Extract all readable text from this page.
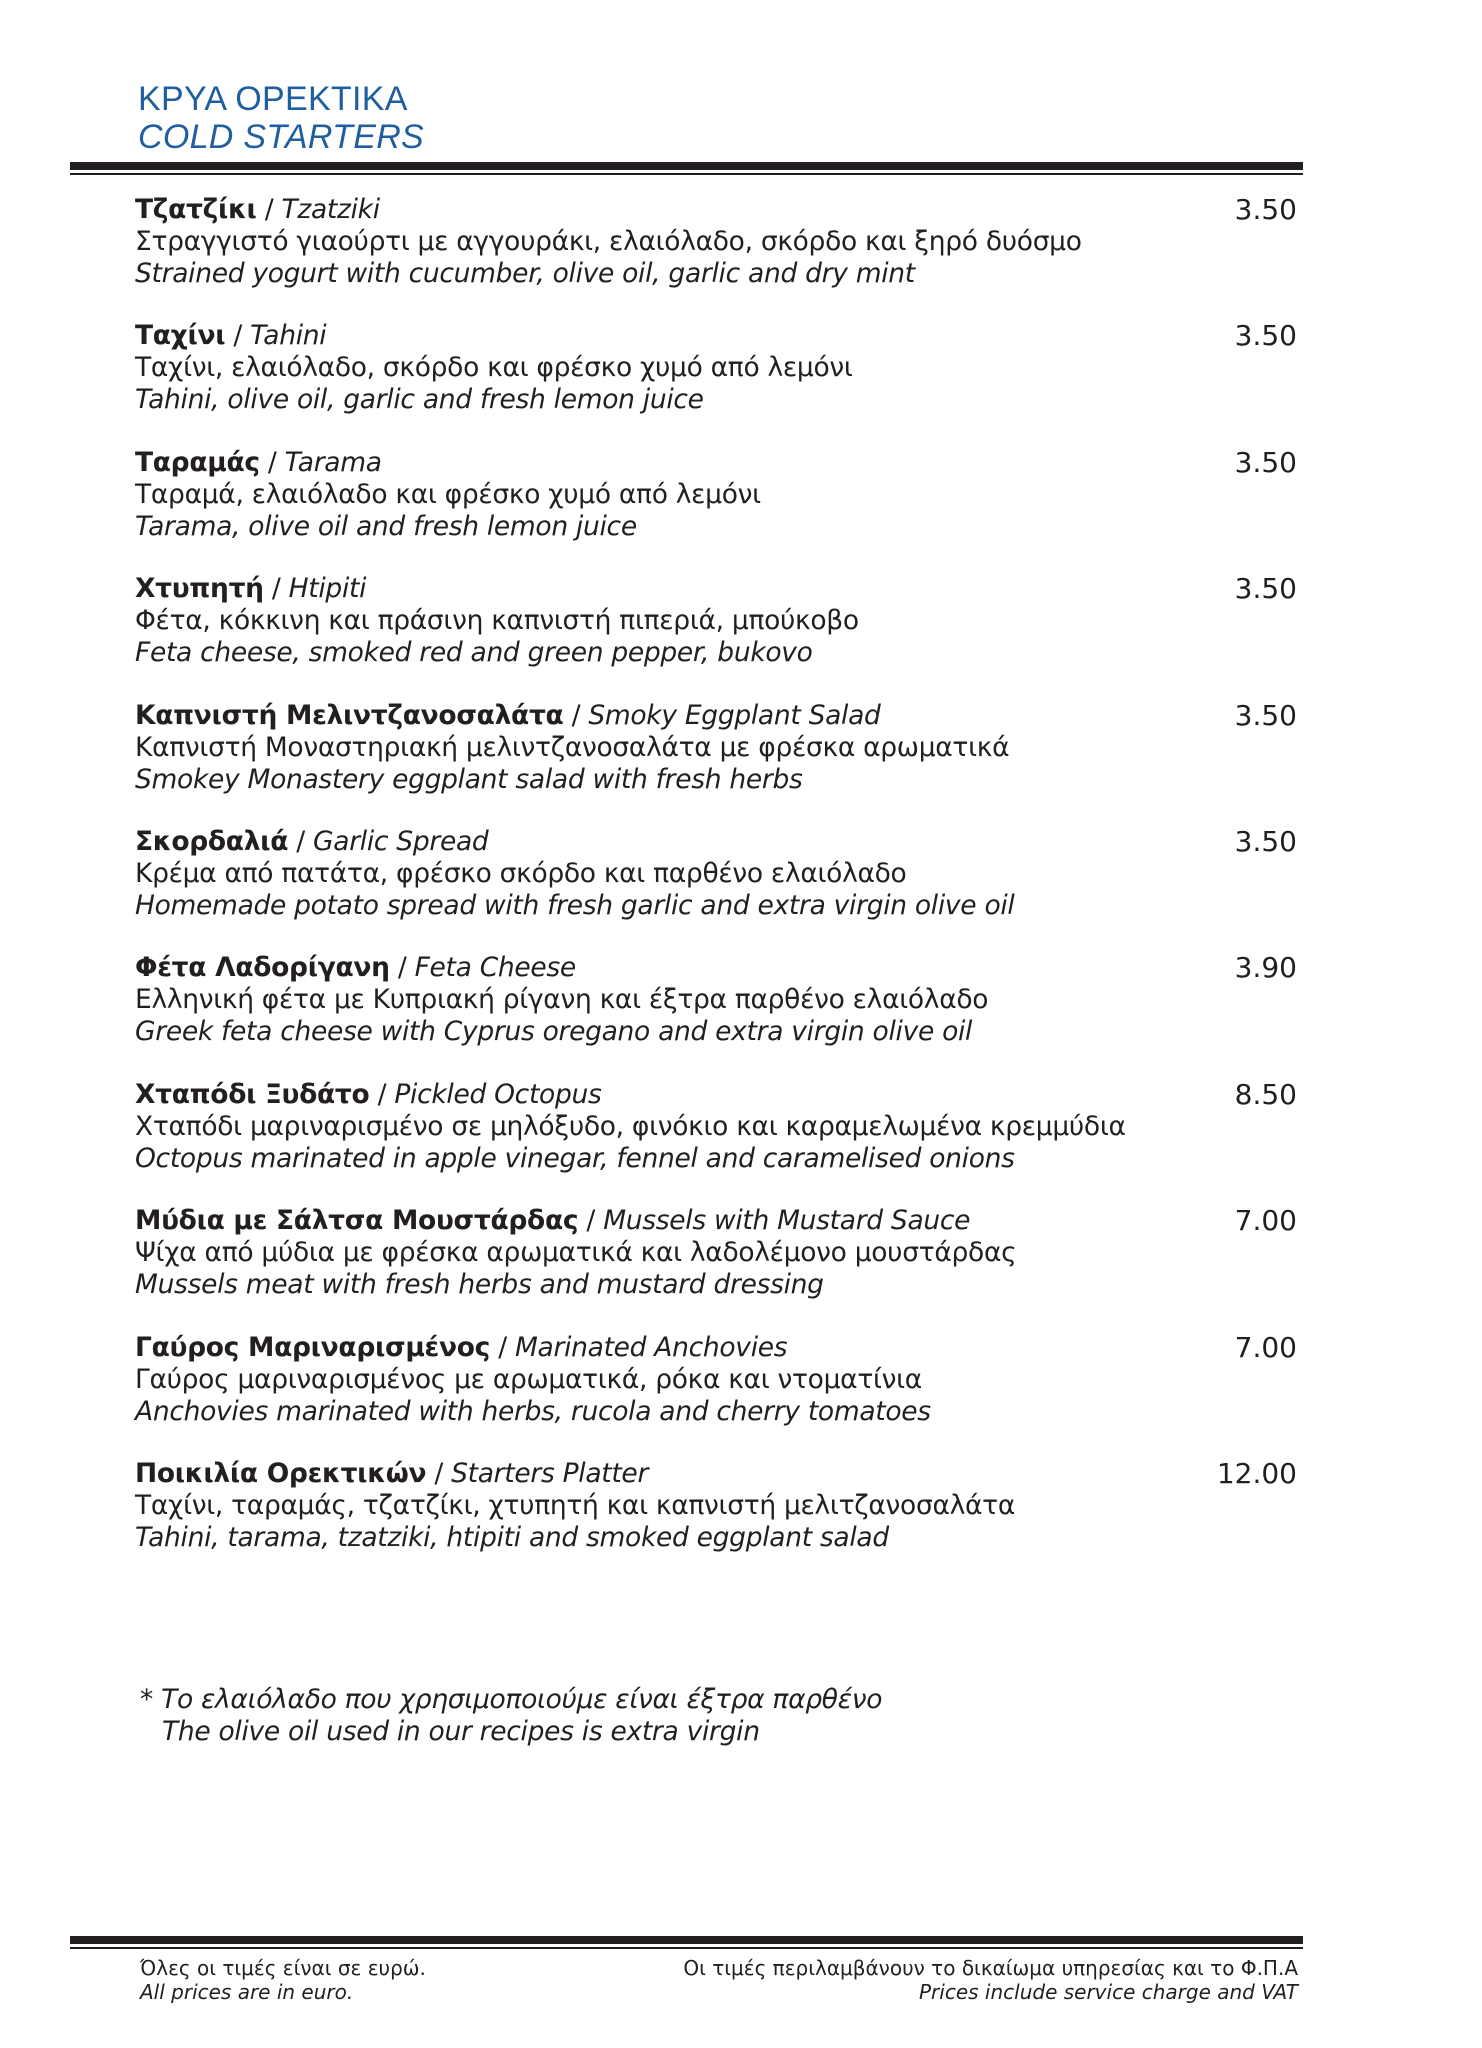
ΚΡΥΑ ΟΡΕΚΤΙΚΑ
COLD STARTERS
Τζατζίκι / Tzatziki	3.50
Στραγγιστό γιαούρτι με αγγουράκι, ελαιόλαδο, σκόρδο και ξηρό δυόσμο
Strained yogurt with cucumber, olive oil, garlic and dry mint
Ταχίνι / Tahini	3.50
Ταχίνι, ελαιόλαδο, σκόρδο και φρέσκο χυμό από λεμόνι
Tahini, olive oil, garlic and fresh lemon juice
Ταραμάς / Tarama	3.50
Ταραμά, ελαιόλαδο και φρέσκο χυμό από λεμόνι
Tarama, olive oil and fresh lemon juice
Χτυπητή / Htipiti	3.50
Φέτα, κόκκινη και πράσινη καπνιστή πιπεριά, μπούκοβο
Feta cheese, smoked red and green pepper, bukovo
Καπνιστή Μελιντζανοσαλάτα / Smoky Eggplant Salad	3.50
Καπνιστή Μοναστηριακή μελιντζανοσαλάτα με φρέσκα αρωματικά
Smokey Monastery eggplant salad with fresh herbs
Σκορδαλιά / Garlic Spread	3.50
Κρέμα από πατάτα, φρέσκο σκόρδο και παρθένο ελαιόλαδο
Homemade potato spread with fresh garlic and extra virgin olive oil
Φέτα Λαδορίγανη / Feta Cheese	3.90
Ελληνική φέτα με Κυπριακή ρίγανη και έξτρα παρθένο ελαιόλαδο
Greek feta cheese with Cyprus oregano and extra virgin olive oil
Χταπόδι Ξυδάτο / Pickled Octopus	8.50
Χταπόδι μαριναρισμένο σε μηλόξυδο, φινόκιο και καραμελωμένα κρεμμύδια
Octopus marinated in apple vinegar, fennel and caramelised onions
Μύδια με Σάλτσα Μουστάρδας / Mussels with Mustard Sauce	7.00
Ψίχα από μύδια με φρέσκα αρωματικά και λαδολέμονο μουστάρδας
Mussels meat with fresh herbs and mustard dressing
Γαύρος Μαριναρισμένος / Marinated Anchovies	7.00
Γαύρος μαριναρισμένος με αρωματικά, ρόκα και ντοματίνια
Anchovies marinated with herbs, rucola and cherry tomatoes
Ποικιλία Ορεκτικών / Starters Platter	12.00
Ταχίνι, ταραμάς, τζατζίκι, χτυπητή και καπνιστή μελιτζανοσαλάτα
Tahini, tarama, tzatziki, htipiti and smoked eggplant salad
* Το ελαιόλαδο που χρησιμοποιούμε είναι έξτρα παρθένο
The olive oil used in our recipes is extra virgin
Όλες οι τιμές είναι σε ευρώ.
All prices are in euro.
Οι τιμές περιλαμβάνουν το δικαίωμα υπηρεσίας και το Φ.Π.Α
Prices include service charge and VAT
